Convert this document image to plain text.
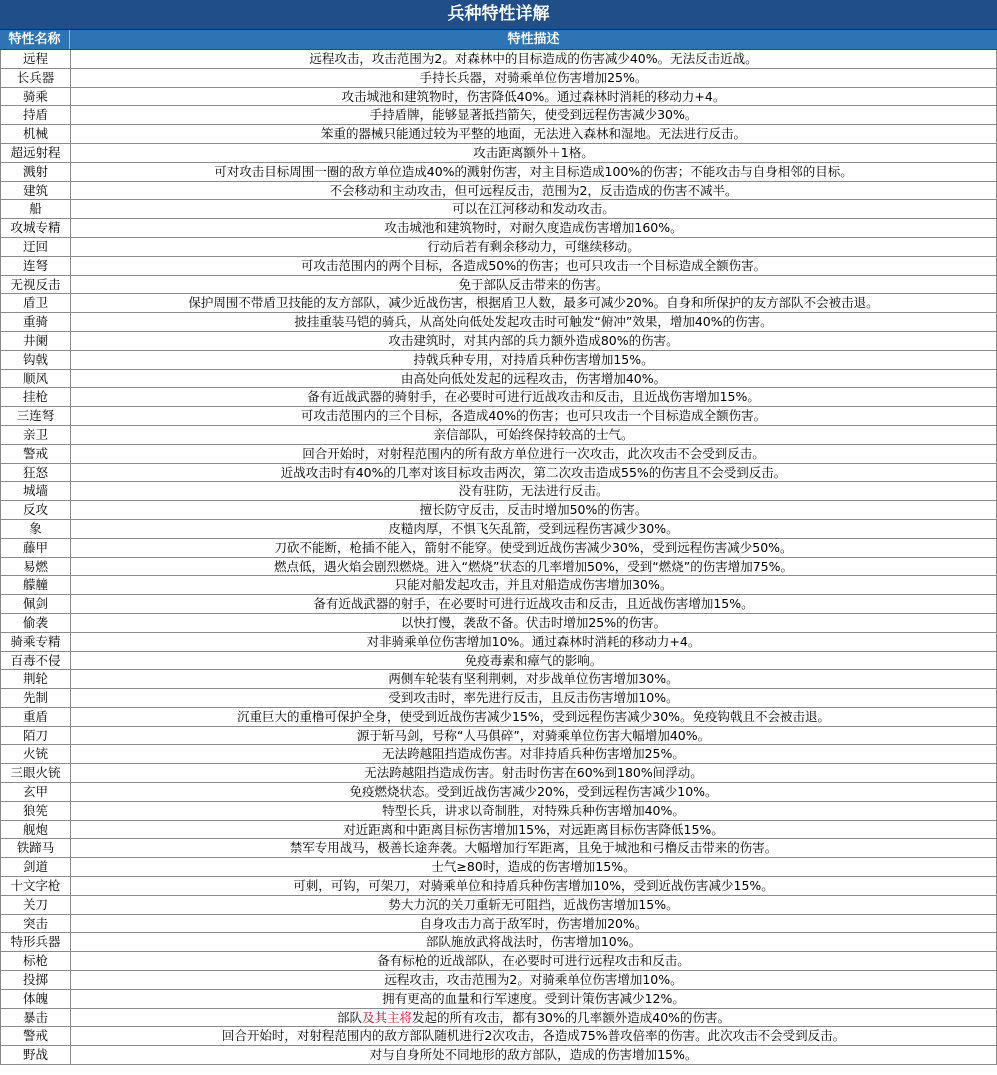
兵种特性详解
特性名称	特性描述
远程	远程攻击，攻击范围为2。对森林中的目标造成的伤害减少40%。无法反击近战。
长兵器	手持长兵器，对骑乘单位伤害增加25%。
骑乘	攻击城池和建筑物时，伤害降低40%。通过森林时消耗的移动力+4。
持盾	手持盾牌，能够显著抵挡箭矢，使受到远程伤害减少30%。
机械	笨重的器械只能通过较为平整的地面，无法进入森林和湿地。无法进行反击。
超远射程	攻击距离额外＋1格。
溅射	可对攻击目标周围一圈的敌方单位造成40%的溅射伤害，对主目标造成100%的伤害；不能攻击与自身相邻的目标。
建筑	不会移动和主动攻击，但可远程反击，范围为2，反击造成的伤害不减半。
船	可以在江河移动和发动攻击。
攻城专精	攻击城池和建筑物时，对耐久度造成伤害增加160%。
迂回	行动后若有剩余移动力，可继续移动。
连弩	可攻击范围内的两个目标，各造成50%的伤害；也可只攻击一个目标造成全额伤害。
无视反击	免于部队反击带来的伤害。
盾卫	保护周围不带盾卫技能的友方部队，减少近战伤害，根据盾卫人数，最多可减少20%。自身和所保护的友方部队不会被击退。
重骑	披挂重装马铠的骑兵，从高处向低处发起攻击时可触发“俯冲”效果，增加40%的伤害。
井阑	攻击建筑时，对其内部的兵力额外造成80%的伤害。
钩戟	持戟兵种专用，对持盾兵种伤害增加15%。
顺风	由高处向低处发起的远程攻击，伤害增加40%。
挂枪	备有近战武器的骑射手，在必要时可进行近战攻击和反击，且近战伤害增加15%。
三连弩	可攻击范围内的三个目标，各造成40%的伤害；也可只攻击一个目标造成全额伤害。
亲卫	亲信部队，可始终保持较高的士气。
警戒	回合开始时，对射程范围内的所有敌方单位进行一次攻击，此次攻击不会受到反击。
狂怒	近战攻击时有40%的几率对该目标攻击两次，第二次攻击造成55%的伤害且不会受到反击。
城墙	没有驻防，无法进行反击。
反攻	擅长防守反击，反击时增加50%的伤害。
象	皮糙肉厚，不惧飞矢乱箭，受到远程伤害减少30%。
藤甲	刀砍不能断，枪插不能入，箭射不能穿。使受到近战伤害减少30%，受到远程伤害减少50%。
易燃	燃点低，遇火焰会剧烈燃烧。进入“燃烧”状态的几率增加50%，受到“燃烧”的伤害增加75%。
艨艟	只能对船发起攻击，并且对船造成伤害增加30%。
佩剑	备有近战武器的射手，在必要时可进行近战攻击和反击，且近战伤害增加15%。
偷袭	以快打慢，袭敌不备。伏击时增加25%的伤害。
骑乘专精	对非骑乘单位伤害增加10%。通过森林时消耗的移动力+4。
百毒不侵	免疫毒素和瘴气的影响。
荆轮	两侧车轮装有坚利荆刺，对步战单位伤害增加30%。
先制	受到攻击时，率先进行反击，且反击伤害增加10%。
重盾	沉重巨大的重橹可保护全身，使受到近战伤害减少15%，受到远程伤害减少30%。免疫钩戟且不会被击退。
陌刀	源于斩马剑，号称“人马俱碎”，对骑乘单位伤害大幅增加40%。
火铳	无法跨越阻挡造成伤害。对非持盾兵种伤害增加25%。
三眼火铳	无法跨越阻挡造成伤害。射击时伤害在60%到180%间浮动。
玄甲	免疫燃烧状态。受到近战伤害减少20%，受到远程伤害减少10%。
狼筅	特型长兵，讲求以奇制胜，对特殊兵种伤害增加40%。
舰炮	对近距离和中距离目标伤害增加15%，对远距离目标伤害降低15%。
铁蹄马	禁军专用战马，极善长途奔袭。大幅增加行军距离，且免于城池和弓橹反击带来的伤害。
剑道	士气≥80时，造成的伤害增加15%。
十文字枪	可刺，可钩，可架刀，对骑乘单位和持盾兵种伤害增加10%，受到近战伤害减少15%。
关刀	势大力沉的关刀重斩无可阻挡，近战伤害增加15%。
突击	自身攻击力高于敌军时，伤害增加20%。
特形兵器	部队施放武将战法时，伤害增加10%。
标枪	备有标枪的近战部队，在必要时可进行远程攻击和反击。
投掷	远程攻击，攻击范围为2。对骑乘单位伤害增加10%。
体魄	拥有更高的血量和行军速度。受到计策伤害减少12%。
暴击	部队及其主将发起的所有攻击，都有30%的几率额外造成40%的伤害。
警戒	回合开始时，对射程范围内的敌方部队随机进行2次攻击，各造成75%普攻倍率的伤害。此次攻击不会受到反击。
野战	对与自身所处不同地形的敌方部队，造成的伤害增加15%。
